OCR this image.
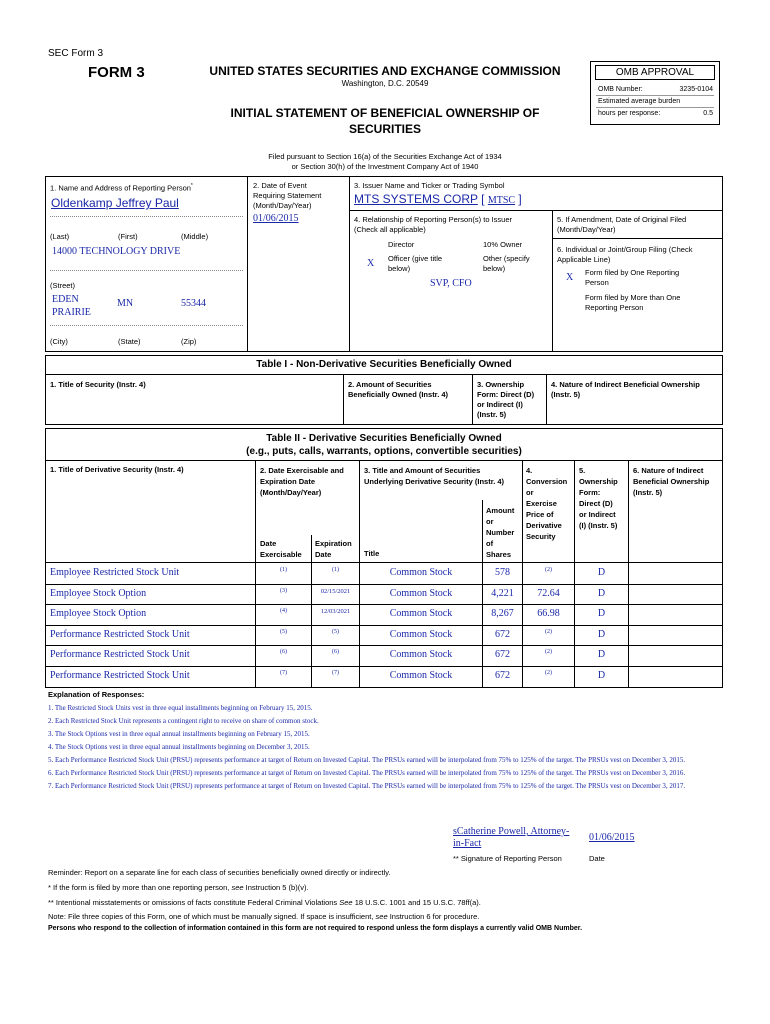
SEC Form 3
FORM 3	UNITED STATES SECURITIES AND EXCHANGE COMMISSION
Washington, D.C. 20549
INITIAL STATEMENT OF BENEFICIAL OWNERSHIP OF
SECURITIES
Filed pursuant to Section 16(a) of the Securities Exchange Act of 1934
or Section 30(h) of the Investment Company Act of 1940
OMB APPROVAL
OMB Number:	3235-0104
Estimated average burden
hours per response:	0.5
1. Name and Address of Reporting Person*
Oldenkamp Jeffrey Paul
(Last)	(First)	(Middle)
14000 TECHNOLOGY DRIVE
(Street)
EDEN
PRAIRIE
MN	55344
(City)	(State)	(Zip)
2. Date of Event
Requiring Statement
(Month/Day/Year)
01/06/2015
3. Issuer Name and Ticker or Trading Symbol
MTS SYSTEMS CORP [ MTSC ]
4. Relationship of Reporting Person(s) to Issuer
(Check all applicable)
Director	10% Owner
X Officer (give title
below)
Other (specify
below)
SVP, CFO
5. If Amendment, Date of Original Filed
(Month/Day/Year)
6. Individual or Joint/Group Filing (Check
Applicable Line)
X Form filed by One Reporting
Person
Form filed by More than One
Reporting Person
Table I - Non-Derivative Securities Beneficially Owned
1. Title of Security (Instr. 4)	2. Amount of Securities
Beneficially Owned (Instr. 4)
3. Ownership
Form: Direct (D)
or Indirect (I)
(Instr. 5)
4. Nature of Indirect Beneficial Ownership
(Instr. 5)
Table II - Derivative Securities Beneficially Owned
(e.g., puts, calls, warrants, options, convertible securities)
1. Title of Derivative Security (Instr. 4)	2. Date Exercisable and
Expiration Date
(Month/Day/Year)
3. Title and Amount of Securities
Underlying Derivative Security (Instr. 4)
4.
Conversion
or
Exercise
Price of
Derivative
Security
5.
Ownership
Form:
Direct (D)
or Indirect
(I) (Instr. 5)
6. Nature of Indirect
Beneficial Ownership
(Instr. 5)
Date
Exercisable
Expiration
Date	Title
Amount
or
Number
of
Shares
Employee Restricted Stock Unit	(1)	(1)	Common Stock	578	(2)	D
Employee Stock Option	(3)	02/15/2021	Common Stock	4,221	72.64	D
Employee Stock Option	(4)	12/03/2021	Common Stock	8,267	66.98	D
Performance Restricted Stock Unit	(5)	(5)	Common Stock	672	(2)	D
Performance Restricted Stock Unit	(6)	(6)	Common Stock	672	(2)	D
Performance Restricted Stock Unit	(7)	(7)	Common Stock	672	(2)	D
Explanation of Responses:
1. The Restricted Stock Units vest in three equal installments beginning on February 15, 2015.
2. Each Restricted Stock Unit represents a contingent right to receive on share of common stock.
3. The Stock Options vest in three equal annual installments beginning on February 15, 2015.
4. The Stock Options vest in three equal annual installments beginning on December 3, 2015.
5. Each Performance Restricted Stock Unit (PRSU) represents performance at target of Return on Invested Capital. The PRSUs earned will be interpolated from 75% to 125% of the target. The PRSUs vest on December 3, 2015.
6. Each Performance Restricted Stock Unit (PRSU) represents performance at target of Return on Invested Capital. The PRSUs earned will be interpolated from 75% to 125% of the target. The PRSUs vest on December 3, 2016.
7. Each Performance Restricted Stock Unit (PRSU) represents performance at target of Return on Invested Capital. The PRSUs earned will be interpolated from 75% to 125% of the target. The PRSUs vest on December 3, 2017.
sCatherine Powell, Attorney-
in-Fact
01/06/2015
** Signature of Reporting Person	Date
Reminder: Report on a separate line for each class of securities beneficially owned directly or indirectly.
* If the form is filed by more than one reporting person, see Instruction 5 (b)(v).
** Intentional misstatements or omissions of facts constitute Federal Criminal Violations See 18 U.S.C. 1001 and 15 U.S.C. 78ff(a).
Note: File three copies of this Form, one of which must be manually signed. If space is insufficient, see Instruction 6 for procedure.
Persons who respond to the collection of information contained in this form are not required to respond unless the form displays a currently valid OMB Number.
